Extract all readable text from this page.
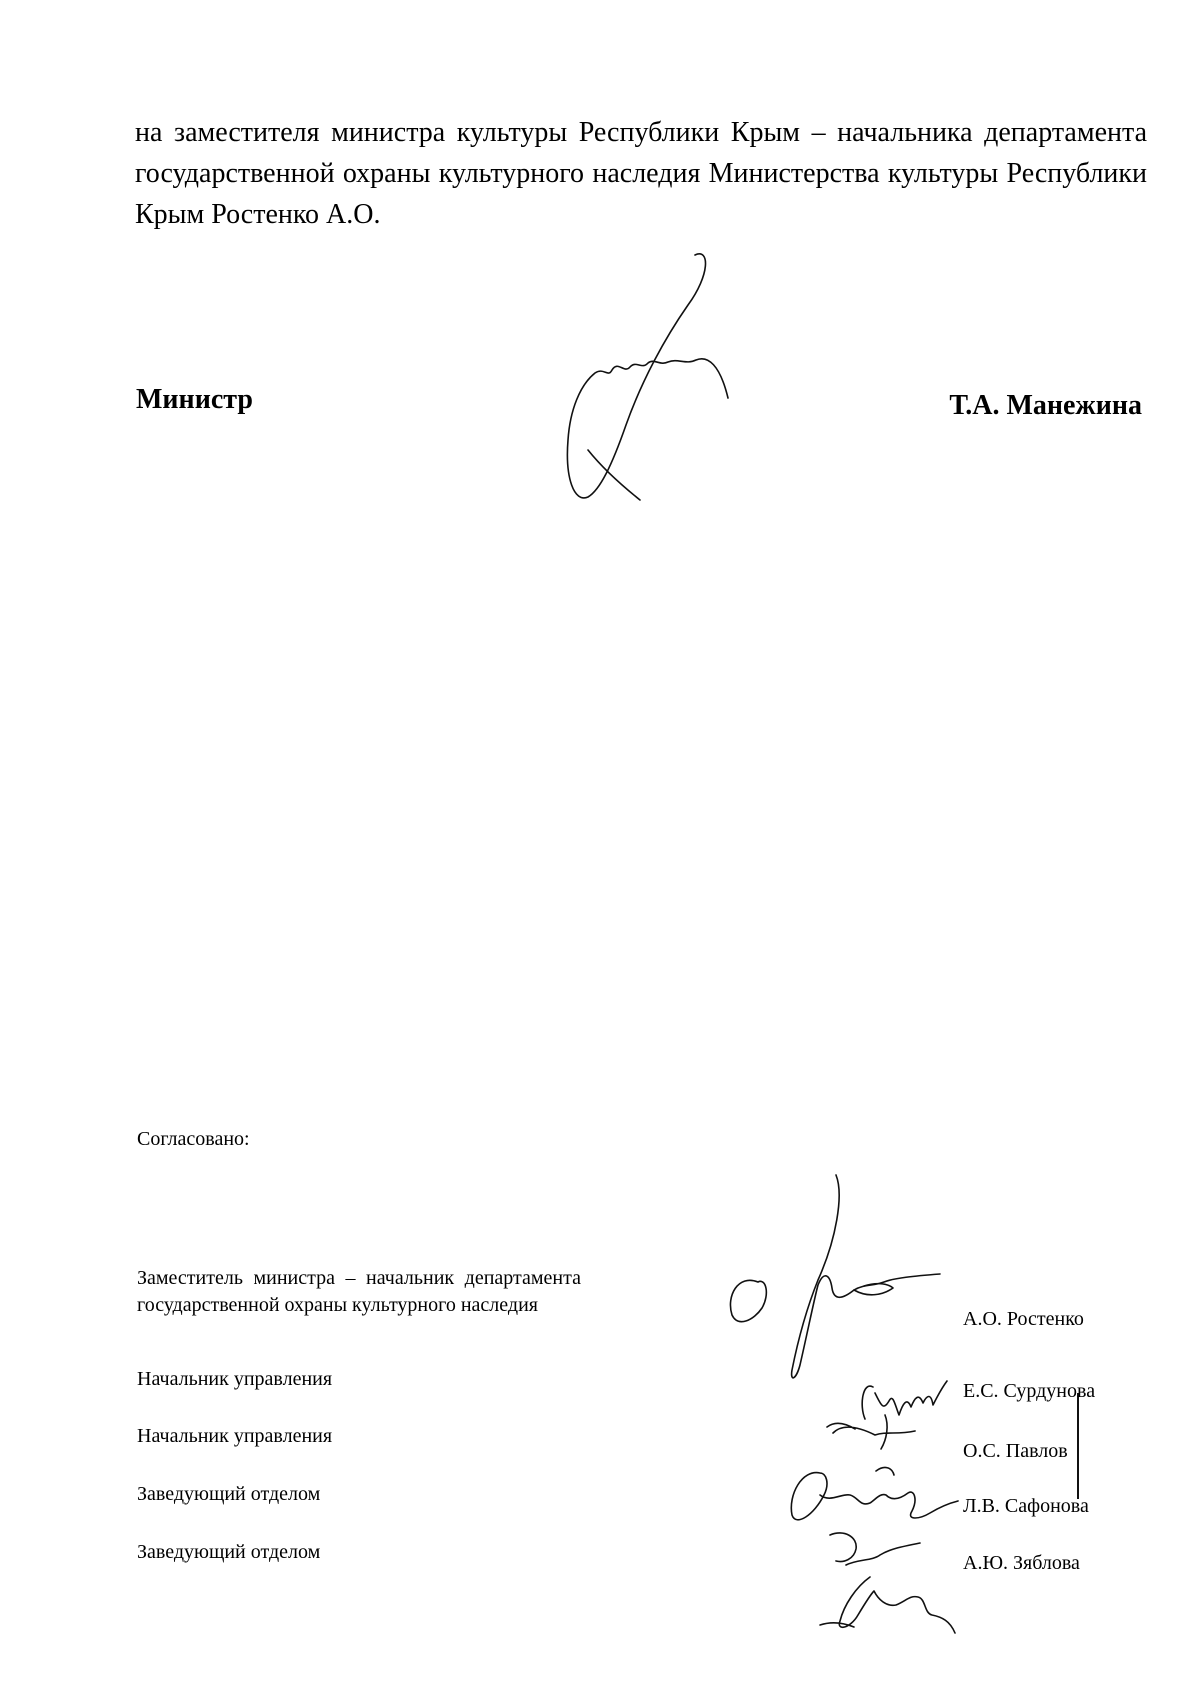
на заместителя министра культуры Республики Крым – начальника департамента государственной охраны культурного наследия Министерства культуры Республики Крым Ростенко А.О.

Министр	Т.А. Манежина
Согласовано:

Заместитель министра – начальник департамента государственной охраны культурного наследия

Начальник управления

Начальник управления

Заведующий отделом

Заведующий отделом

А.О. Ростенко
Е.С. Сурдунова
О.С. Павлов
Л.В. Сафонова
А.Ю. Зяблова
